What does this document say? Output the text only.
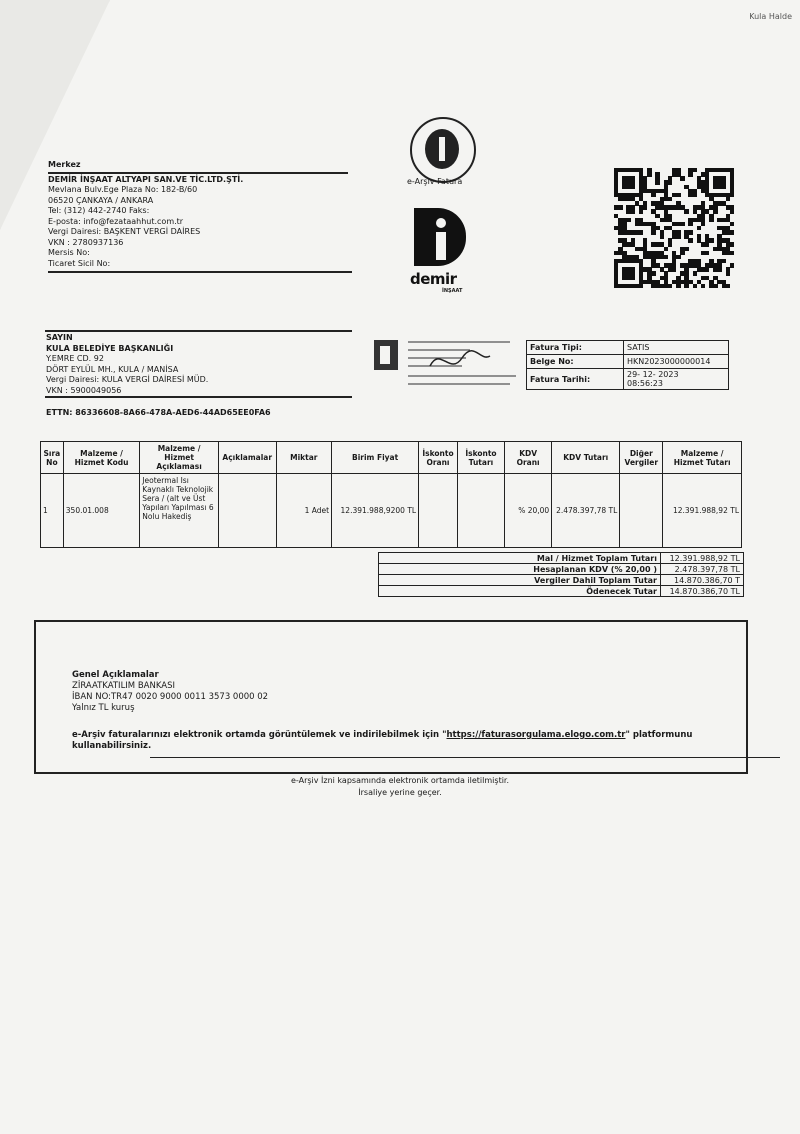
Kula Halde
Merkez
DEMİR İNŞAAT ALTYAPI SAN.VE TİC.LTD.ŞTİ.
Mevlana Bulv.Ege Plaza No: 182-B/60
06520 ÇANKAYA / ANKARA
Tel: (312) 442-2740 Faks:
E-posta: info@fezataahhut.com.tr
Vergi Dairesi: BAŞKENT VERGİ DAİRES
VKN : 2780937136
Mersis No:
Ticaret Sicil No:
e-Arşiv Fatura
demir
İNŞAAT
SAYIN
KULA BELEDİYE BAŞKANLIĞI
Y.EMRE CD. 92
DÖRT EYLÜL MH., KULA / MANİSA
Vergi Dairesi: KULA VERGİ DAİRESİ MÜD.
VKN : 5900049056
ETTN: 86336608-8A66-478A-AED6-44AD65EE0FA6
Fatura Tipi:	SATIS
Belge No:	HKN2023000000014
Fatura Tarihi:	29- 12- 2023
08:56:23
Sıra No	Malzeme / Hizmet Kodu	Malzeme / Hizmet Açıklaması	Açıklamalar	Miktar	Birim Fiyat	İskonto Oranı	İskonto Tutarı	KDV Oranı	KDV Tutarı	Diğer Vergiler	Malzeme / Hizmet Tutarı
1	350.01.008	Jeotermal Isı Kaynaklı Teknolojik Sera / (alt ve Üst Yapıları Yapılması 6 Nolu Hakediş		1 Adet	12.391.988,9200 TL			% 20,00	2.478.397,78 TL		12.391.988,92 TL
Mal / Hizmet Toplam Tutarı	12.391.988,92 TL
Hesaplanan KDV (% 20,00 )	2.478.397,78 TL
Vergiler Dahil Toplam Tutar	14.870.386,70 T
Ödenecek Tutar	14.870.386,70 TL
Genel Açıklamalar
ZİRAATKATILIM BANKASI
İBAN NO:TR47 0020 9000 0011 3573 0000 02
Yalnız TL kuruş
e-Arşiv faturalarınızı elektronik ortamda görüntülemek ve indirilebilmek için "https://faturasorgulama.elogo.com.tr" platformunu kullanabilirsiniz.
e-Arşiv İzni kapsamında elektronik ortamda iletilmiştir.
İrsaliye yerine geçer.
